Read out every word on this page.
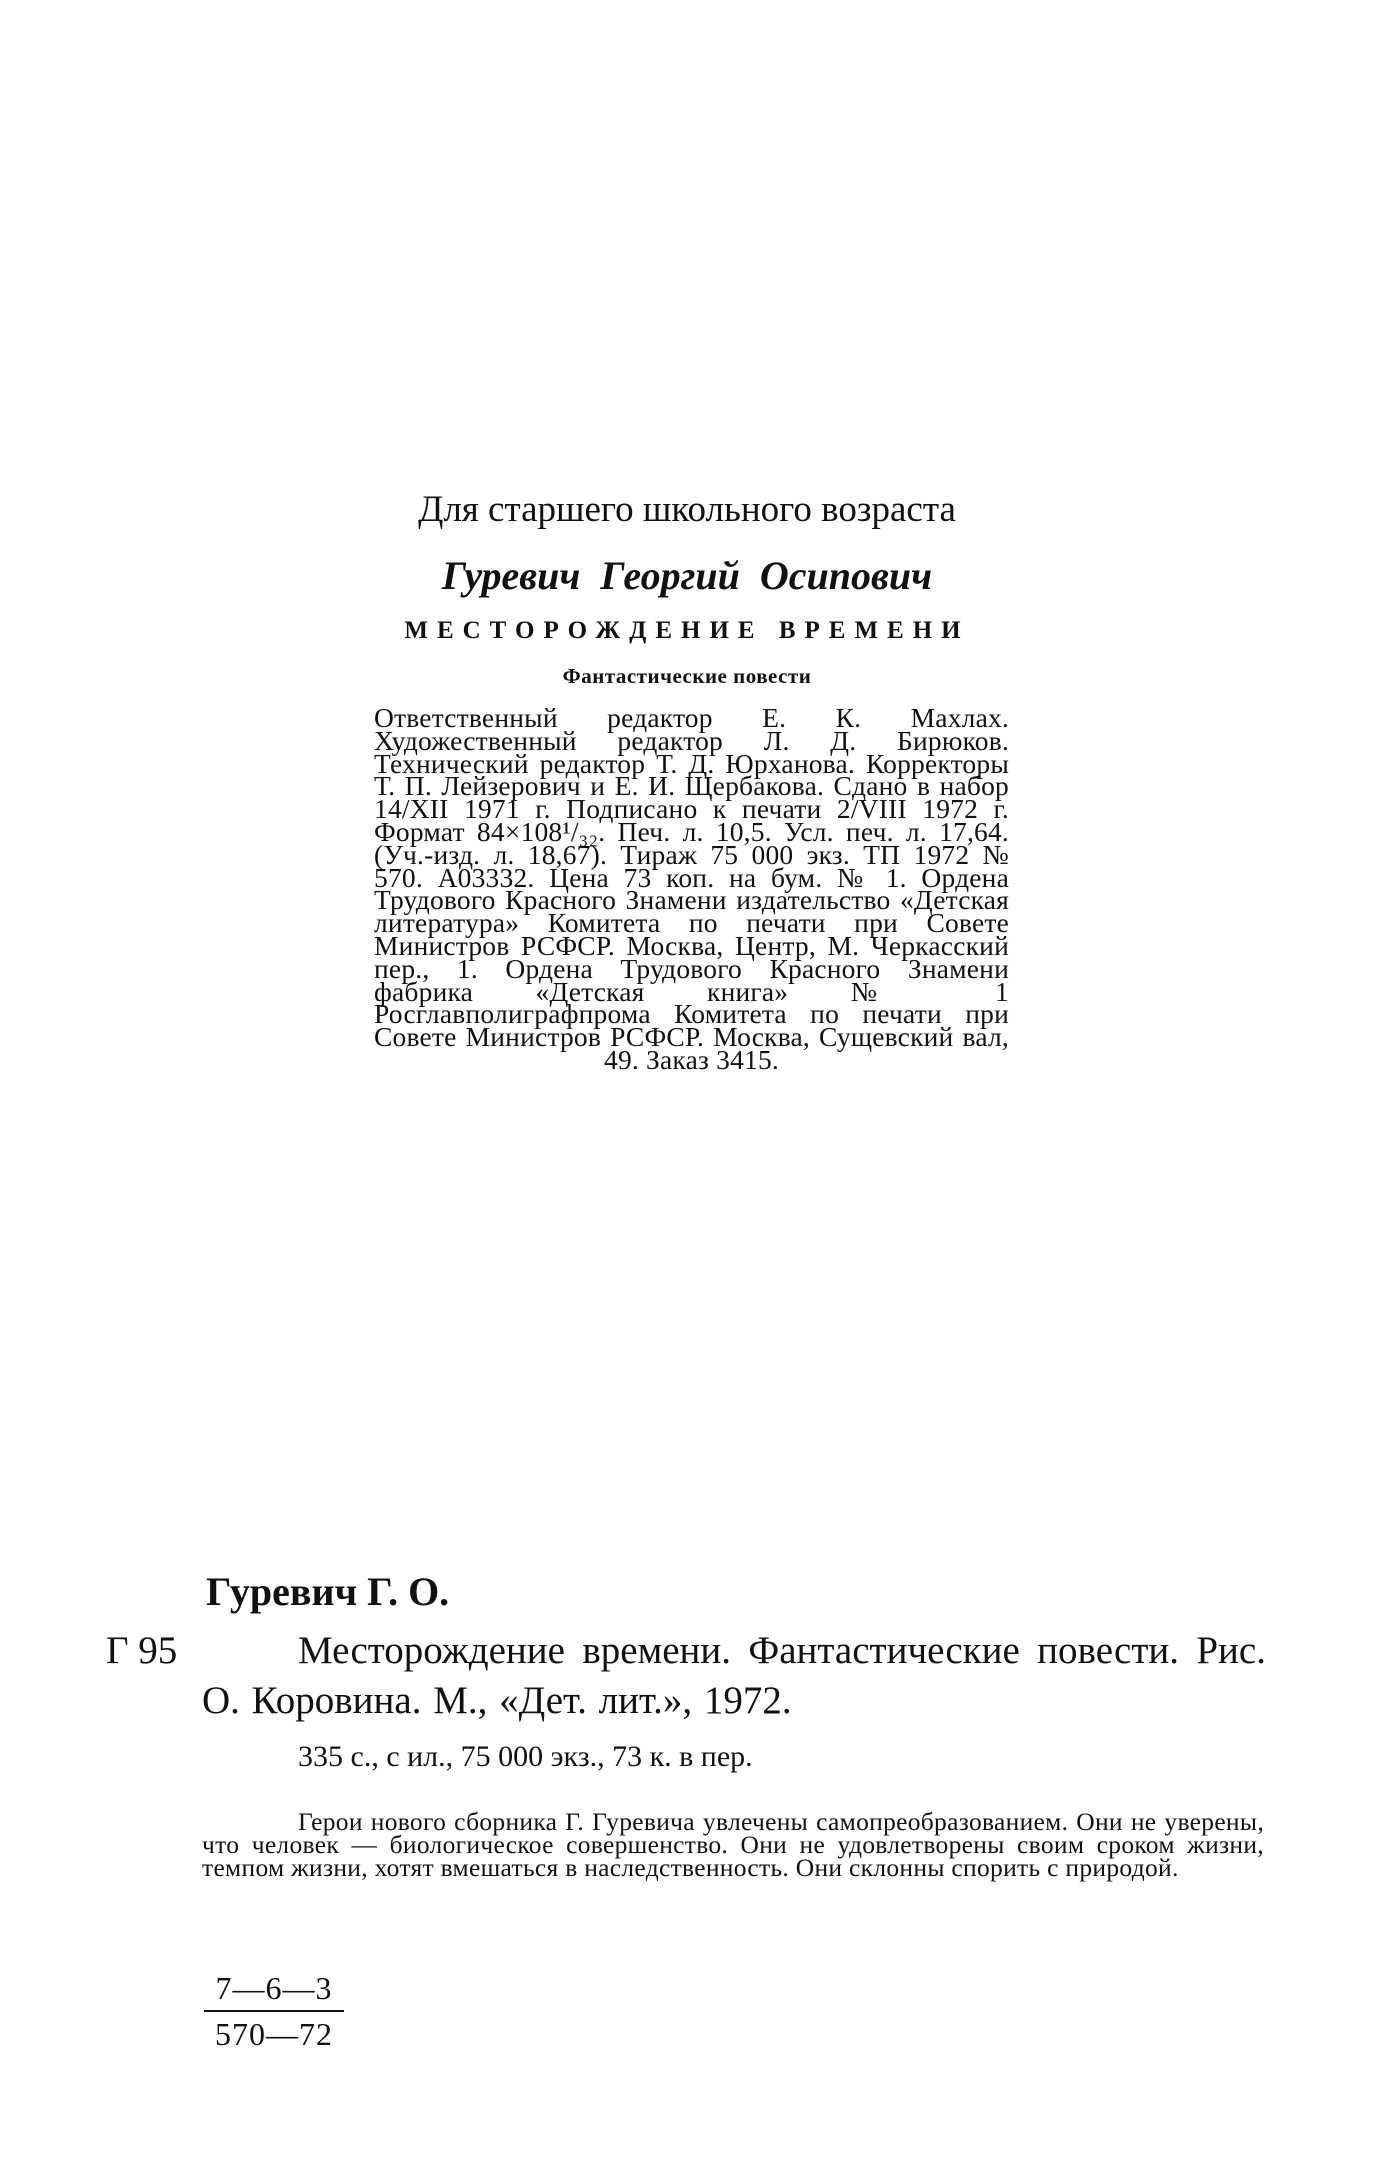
Для старшего школьного возраста
Гуревич Георгий Осипович
МЕСТОРОЖДЕНИЕ ВРЕМЕНИ
Фантастические повести
Ответственный редактор Е. К. Махлах. Художественный редактор Л. Д. Бирюков. Технический редактор Т. Д. Юрханова. Корректоры Т. П. Лейзерович и Е. И. Щербакова. Сдано в набор 14/XII 1971 г. Подписано к печати 2/VIII 1972 г. Формат 84×108¹/₃₂. Печ. л. 10,5. Усл. печ. л. 17,64. (Уч.-изд. л. 18,67). Тираж 75 000 экз. ТП 1972 № 570. А03332. Цена 73 коп. на бум. № 1. Ордена Трудового Красного Знамени издательство «Детская литература» Комитета по печати при Совете Министров РСФСР. Москва, Центр, М. Черкасский пер., 1. Ордена Трудового Красного Знамени фабрика «Детская книга» № 1 Росглавполиграфпрома Комитета по печати при Совете Министров РСФСР. Москва, Сущевский вал, 49. Заказ 3415.
Гуревич Г. О.
Г 95	Месторождение времени. Фантастические повести. Рис. О. Коровина. М., «Дет. лит.», 1972.
335 с., с ил., 75 000 экз., 73 к. в пер.
Герои нового сборника Г. Гуревича увлечены самопреобразованием. Они не уверены, что человек — биологическое совершенство. Они не удовлетворены своим сроком жизни, темпом жизни, хотят вмешаться в наследственность. Они склонны спорить с природой.
7—6—3
570—72
